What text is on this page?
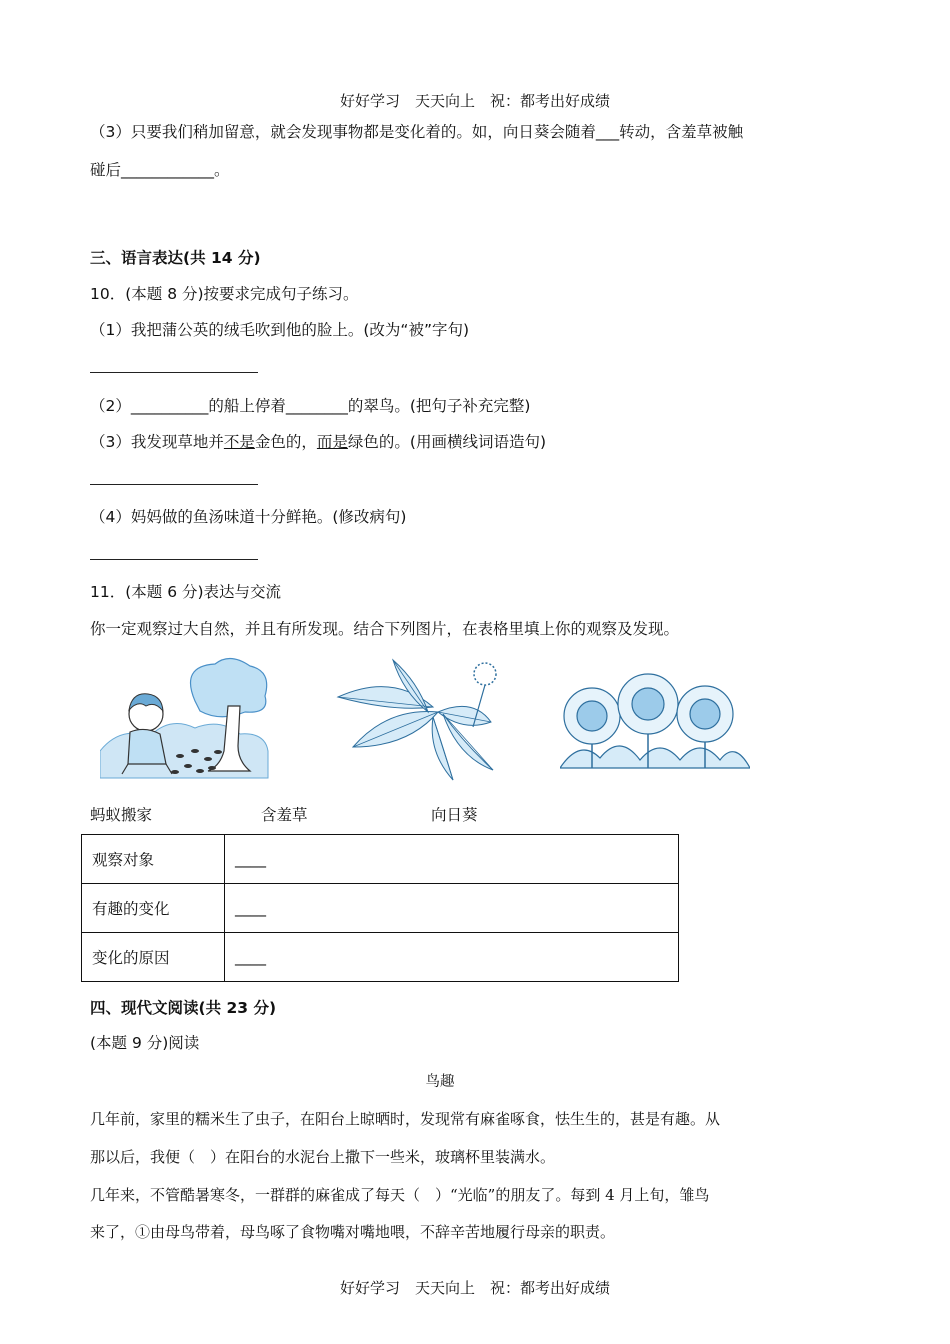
好好学习　天天向上　祝：都考出好成绩
（3）只要我们稍加留意，就会发现事物都是变化着的。如，向日葵会随着___转动，含羞草被触
碰后____________。
三、语言表达(共 14 分)
10．(本题 8 分)按要求完成句子练习。
（1）我把蒲公英的绒毛吹到他的脸上。(改为“被”字句)
（2）__________的船上停着________的翠鸟。(把句子补充完整)
（3）我发现草地并不是金色的，而是绿色的。(用画横线词语造句)
（4）妈妈做的鱼汤味道十分鲜艳。(修改病句)
11．(本题 6 分)表达与交流
你一定观察过大自然，并且有所发现。结合下列图片，在表格里填上你的观察及发现。
蚂蚁搬家	含羞草	向日葵
观察对象	____
有趣的变化	____
变化的原因	____
四、现代文阅读(共 23 分)
(本题 9 分)阅读
鸟趣
几年前，家里的糯米生了虫子，在阳台上晾晒时，发现常有麻雀啄食，怯生生的，甚是有趣。从
那以后，我便（　）在阳台的水泥台上撒下一些米，玻璃杯里装满水。
几年来，不管酷暑寒冬，一群群的麻雀成了每天（　）“光临”的朋友了。每到 4 月上旬，雏鸟
来了，①由母鸟带着，母鸟啄了食物嘴对嘴地喂，不辞辛苦地履行母亲的职责。
好好学习　天天向上　祝：都考出好成绩
